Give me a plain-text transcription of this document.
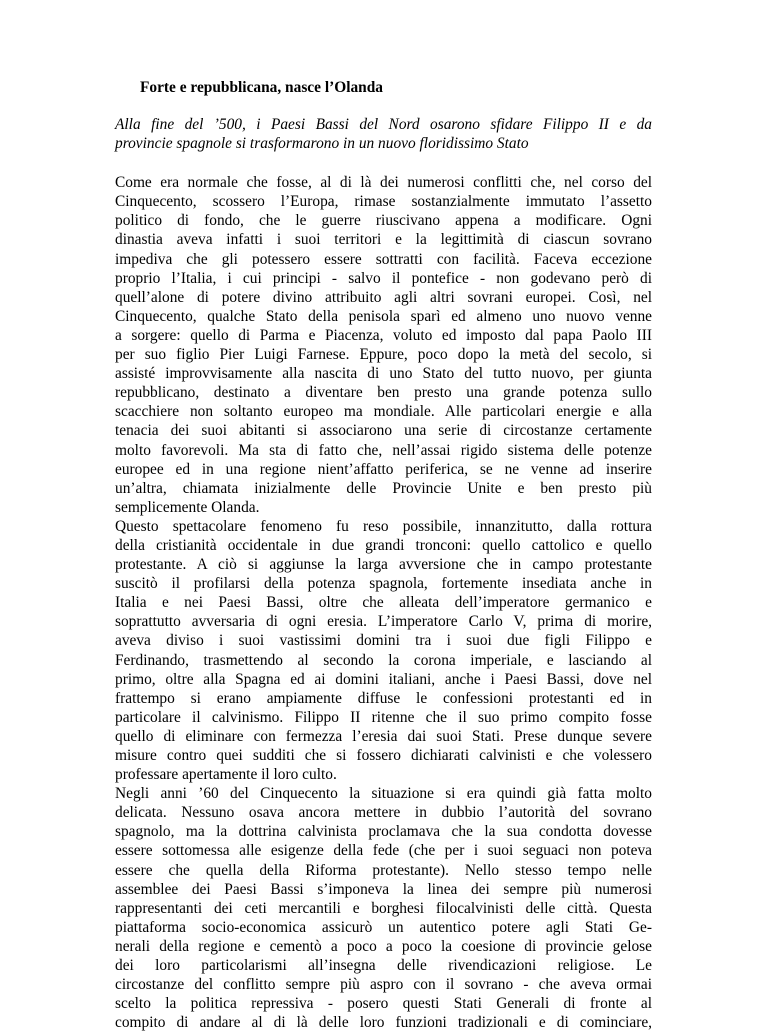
Forte e repubblicana, nasce l’Olanda
Alla fine del ’500, i Paesi Bassi del Nord osarono sfidare Filippo II e da
provincie spagnole si trasformarono in un nuovo floridissimo Stato

Come era normale che fosse, al di là dei numerosi conflitti che, nel corso del
Cinquecento, scossero l’Europa, rimase sostanzialmente immutato l’assetto
politico di fondo, che le guerre riuscivano appena a modificare. Ogni
dinastia aveva infatti i suoi territori e la legittimità di ciascun sovrano
impediva che gli potessero essere sottratti con facilità. Faceva eccezione
proprio l’Italia, i cui principi - salvo il pontefice - non godevano però di
quell’alone di potere divino attribuito agli altri sovrani europei. Così, nel
Cinquecento, qualche Stato della penisola sparì ed almeno uno nuovo venne
a sorgere: quello di Parma e Piacenza, voluto ed imposto dal papa Paolo III
per suo figlio Pier Luigi Farnese. Eppure, poco dopo la metà del secolo, si
assisté improvvisamente alla nascita di uno Stato del tutto nuovo, per giunta
repubblicano, destinato a diventare ben presto una grande potenza sullo
scacchiere non soltanto europeo ma mondiale. Alle particolari energie e alla
tenacia dei suoi abitanti si associarono una serie di circostanze certamente
molto favorevoli. Ma sta di fatto che, nell’assai rigido sistema delle potenze
europee ed in una regione nient’affatto periferica, se ne venne ad inserire
un’altra, chiamata inizialmente delle Provincie Unite e ben presto più
semplicemente Olanda.

Questo spettacolare fenomeno fu reso possibile, innanzitutto, dalla rottura
della cristianità occidentale in due grandi tronconi: quello cattolico e quello
protestante. A ciò si aggiunse la larga avversione che in campo protestante
suscitò il profilarsi della potenza spagnola, fortemente insediata anche in
Italia e nei Paesi Bassi, oltre che alleata dell’imperatore germanico e
soprattutto avversaria di ogni eresia. L’imperatore Carlo V, prima di morire,
aveva diviso i suoi vastissimi domini tra i suoi due figli Filippo e
Ferdinando, trasmettendo al secondo la corona imperiale, e lasciando al
primo, oltre alla Spagna ed ai domini italiani, anche i Paesi Bassi, dove nel
frattempo si erano ampiamente diffuse le confessioni protestanti ed in
particolare il calvinismo. Filippo II ritenne che il suo primo compito fosse
quello di eliminare con fermezza l’eresia dai suoi Stati. Prese dunque severe
misure contro quei sudditi che si fossero dichiarati calvinisti e che volessero
professare apertamente il loro culto.

Negli anni ’60 del Cinquecento la situazione si era quindi già fatta molto
delicata. Nessuno osava ancora mettere in dubbio l’autorità del sovrano
spagnolo, ma la dottrina calvinista proclamava che la sua condotta dovesse
essere sottomessa alle esigenze della fede (che per i suoi seguaci non poteva
essere che quella della Riforma protestante). Nello stesso tempo nelle
assemblee dei Paesi Bassi s’imponeva la linea dei sempre più numerosi
rappresentanti dei ceti mercantili e borghesi filocalvinisti delle città. Questa
piattaforma socio-economica assicurò un autentico potere agli Stati Ge-
nerali della regione e cementò a poco a poco la coesione di provincie gelose
dei loro particolarismi all’insegna delle rivendicazioni religiose. Le
circostanze del conflitto sempre più aspro con il sovrano - che aveva ormai
scelto la politica repressiva - posero questi Stati Generali di fronte al
compito di andare al di là delle loro funzioni tradizionali e di cominciare,
